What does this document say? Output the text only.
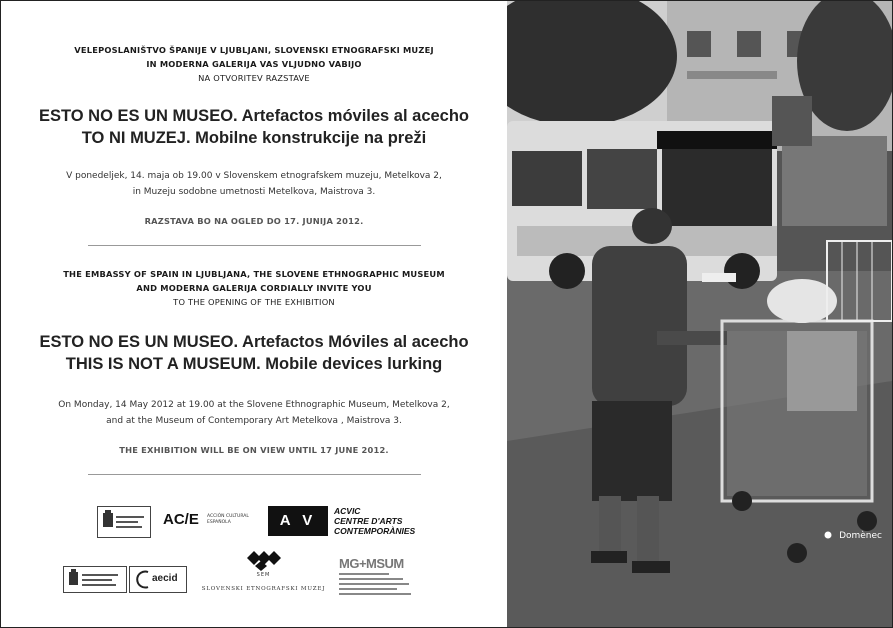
VELEPOSLANIŠTVO ŠPANIJE V LJUBLJANI, SLOVENSKI ETNOGRAFSKI MUZEJ
IN MODERNA GALERIJA VAS VLJUDNO VABIJO
NA OTVORITEV RAZSTAVE
ESTO NO ES UN MUSEO. Artefactos móviles al acecho
TO NI MUZEJ. Mobilne konstrukcije na preži
V ponedeljek, 14. maja ob 19.00 v Slovenskem etnografskem muzeju, Metelkova 2,
in Muzeju sodobne umetnosti Metelkova, Maistrova 3.
RAZSTAVA BO NA OGLED DO 17. JUNIJA 2012.
THE EMBASSY OF SPAIN IN LJUBLJANA, THE SLOVENE ETHNOGRAPHIC MUSEUM
AND MODERNA GALERIJA CORDIALLY INVITE YOU
TO THE OPENING OF THE EXHIBITION
ESTO NO ES UN MUSEO. Artefactos Móviles al acecho
THIS IS NOT A MUSEUM. Mobile devices lurking
On Monday, 14 May 2012 at 19.00 at the Slovene Ethnographic Museum, Metelkova 2,
and at the Museum of Contemporary Art Metelkova , Maistrova 3.
THE EXHIBITION WILL BE ON VIEW UNTIL 17 JUNE 2012.
AC/E ACCIÓN CULTURAL
ESPAÑOLA	A V
ACVIC
CENTRE D'ARTS
CONTEMPORÀNIES
aecid	SEM
SLOVENSKI ETNOGRAFSKI MUZEJ
MG+MSUM
Domènec
